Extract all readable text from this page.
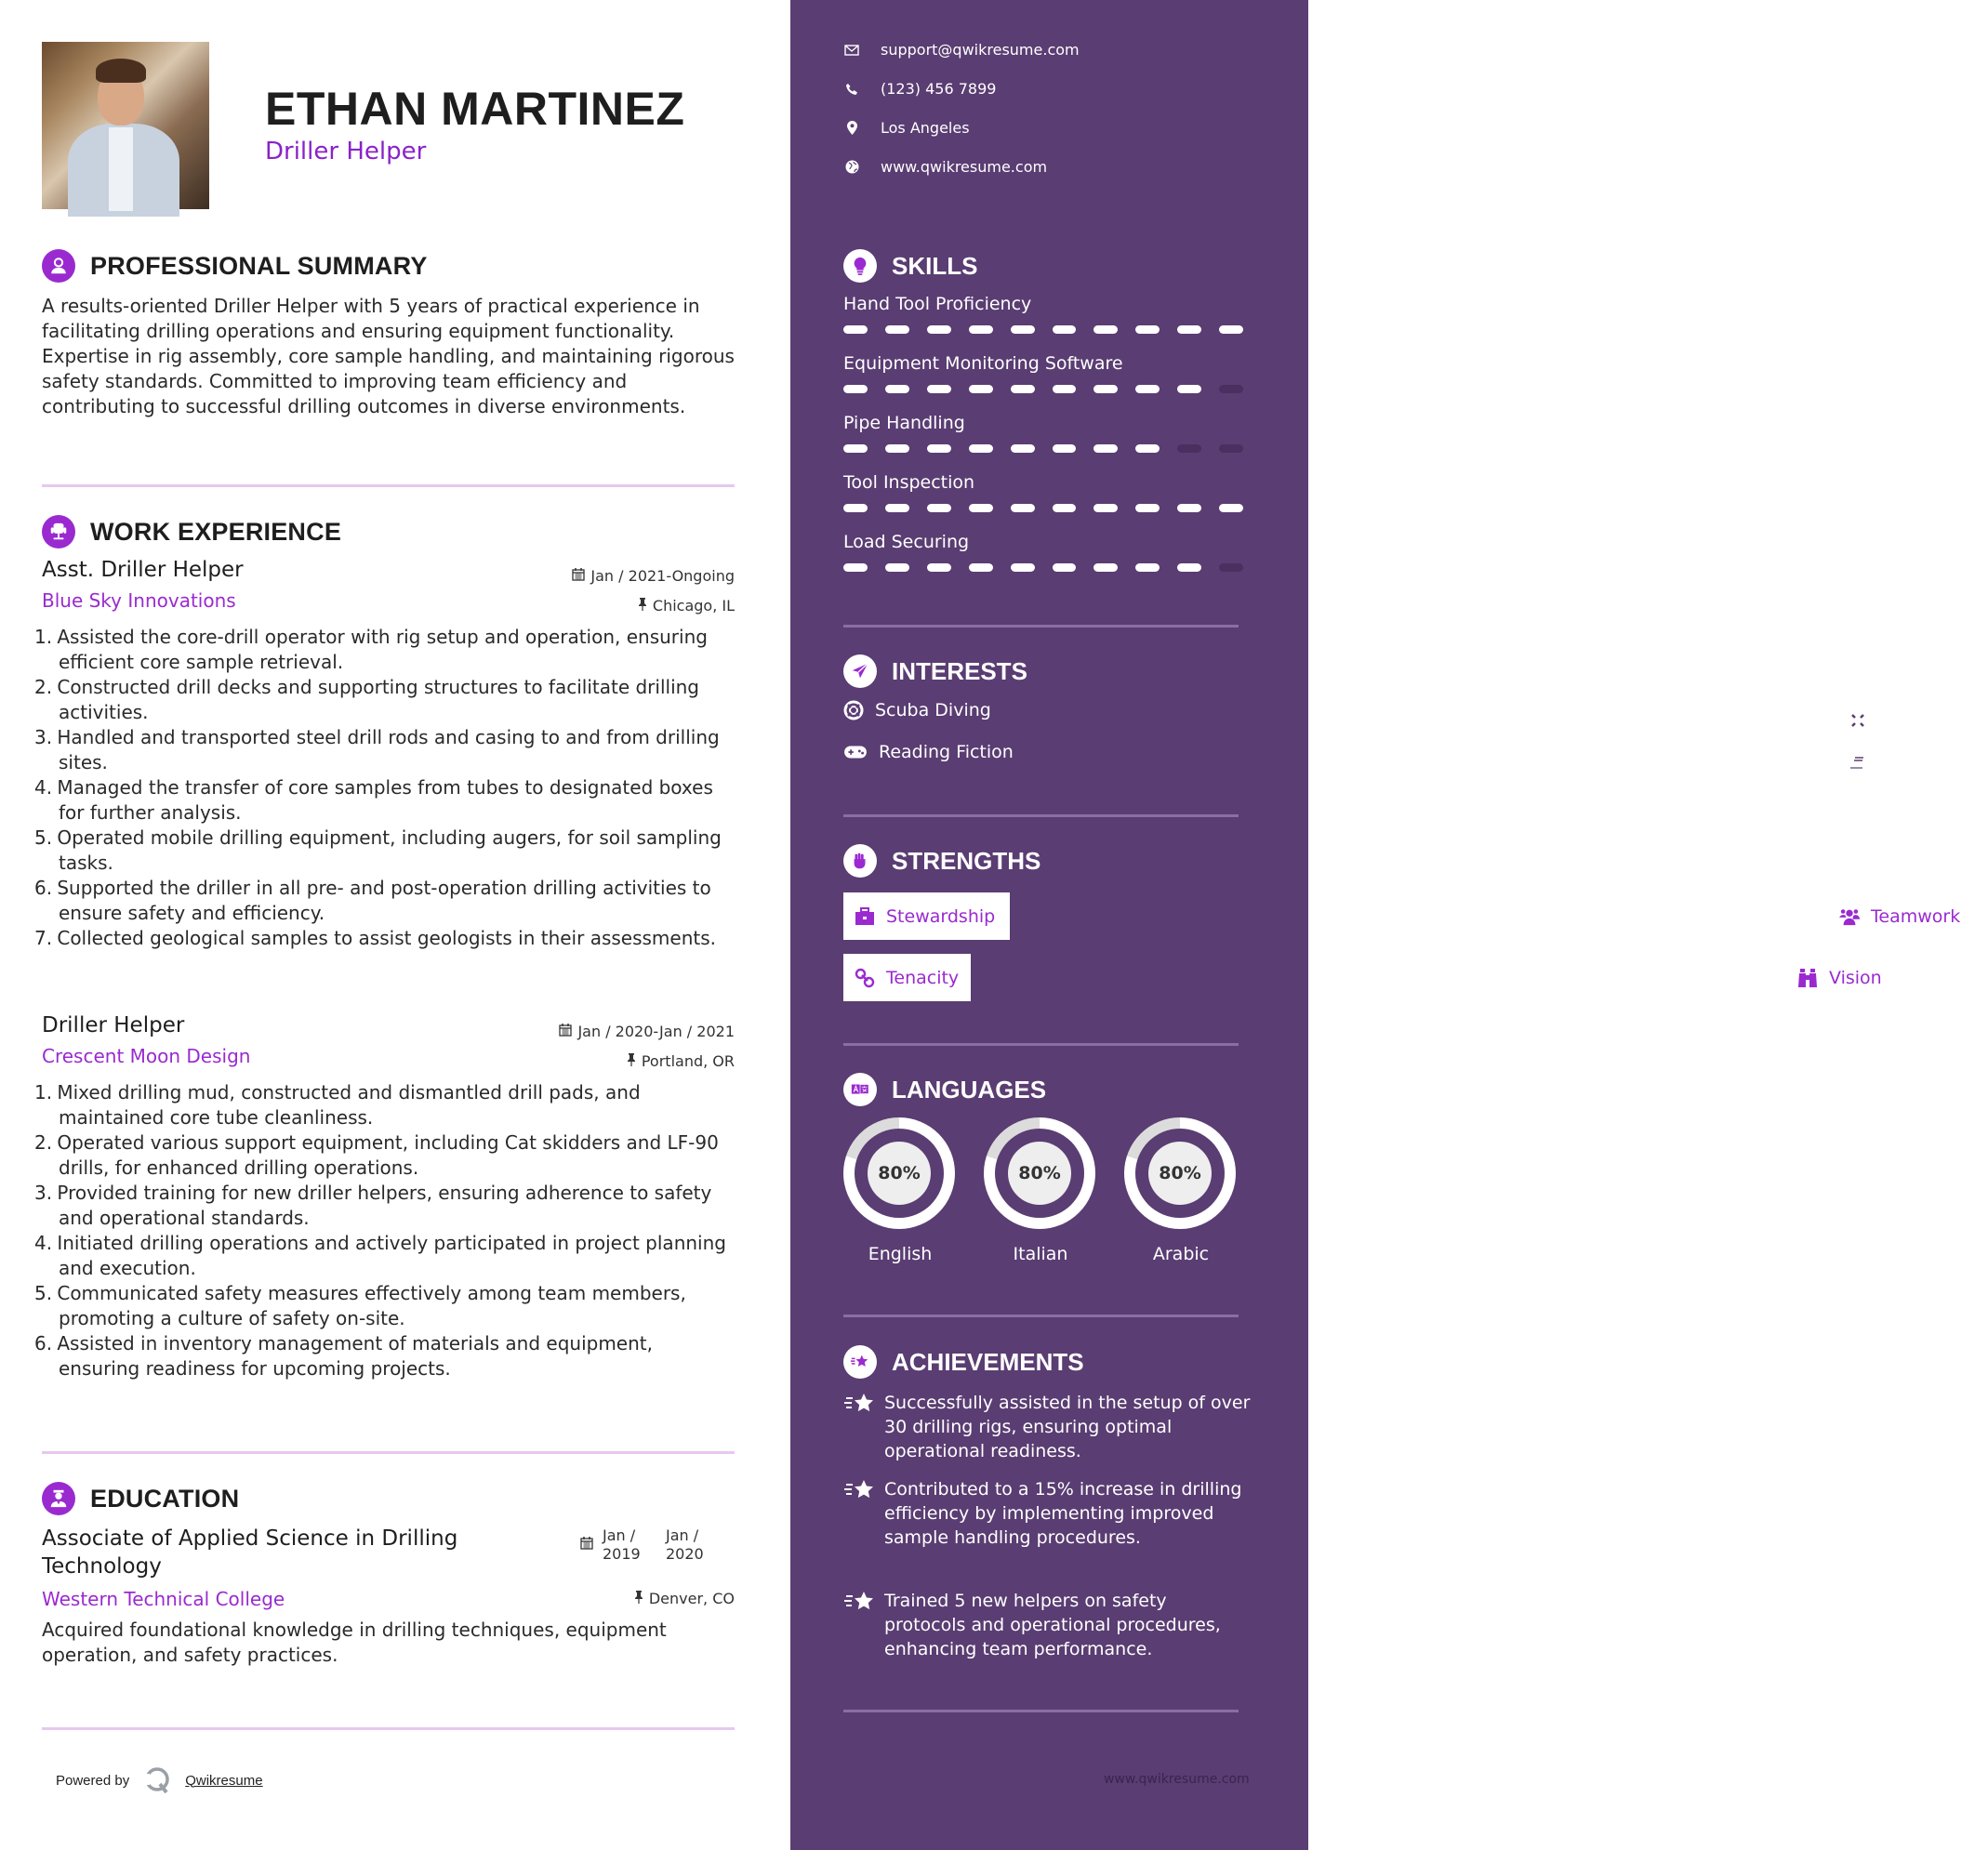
ETHAN MARTINEZ
Driller Helper
PROFESSIONAL SUMMARY
A results-oriented Driller Helper with 5 years of practical experience in facilitating drilling operations and ensuring equipment functionality. Expertise in rig assembly, core sample handling, and maintaining rigorous safety standards. Committed to improving team efficiency and contributing to successful drilling outcomes in diverse environments.
WORK EXPERIENCE
Asst. Driller Helper	Jan / 2021-Ongoing
Blue Sky Innovations	Chicago, IL
1. Assisted the core-drill operator with rig setup and operation, ensuring efficient core sample retrieval.
2. Constructed drill decks and supporting structures to facilitate drilling activities.
3. Handled and transported steel drill rods and casing to and from drilling sites.
4. Managed the transfer of core samples from tubes to designated boxes for further analysis.
5. Operated mobile drilling equipment, including augers, for soil sampling tasks.
6. Supported the driller in all pre- and post-operation drilling activities to ensure safety and efficiency.
7. Collected geological samples to assist geologists in their assessments.
Driller Helper	Jan / 2020-Jan / 2021
Crescent Moon Design	Portland, OR
1. Mixed drilling mud, constructed and dismantled drill pads, and maintained core tube cleanliness.
2. Operated various support equipment, including Cat skidders and LF-90 drills, for enhanced drilling operations.
3. Provided training for new driller helpers, ensuring adherence to safety and operational standards.
4. Initiated drilling operations and actively participated in project planning and execution.
5. Communicated safety measures effectively among team members, promoting a culture of safety on-site.
6. Assisted in inventory management of materials and equipment, ensuring readiness for upcoming projects.
EDUCATION
Associate of Applied Science in Drilling Technology
Jan / 2019
Jan / 2020
Western Technical College	Denver, CO
Acquired foundational knowledge in drilling techniques, equipment operation, and safety practices.
Powered by	Qwikresume
support@qwikresume.com
(123) 456 7899
Los Angeles
www.qwikresume.com
SKILLS
Hand Tool Proficiency
Equipment Monitoring Software
Pipe Handling
Tool Inspection
Load Securing
INTERESTS
Scuba Diving	E-sports
Reading Fiction	Puzzle Solving
STRENGTHS
Stewardship	Teamwork
Tenacity	Vision
LANGUAGES
80%
English
80%
Italian
80%
Arabic
ACHIEVEMENTS
Successfully assisted in the setup of over 30 drilling rigs, ensuring optimal operational readiness.
Contributed to a 15% increase in drilling efficiency by implementing improved sample handling procedures.
Trained 5 new helpers on safety protocols and operational procedures, enhancing team performance.
www.qwikresume.com
